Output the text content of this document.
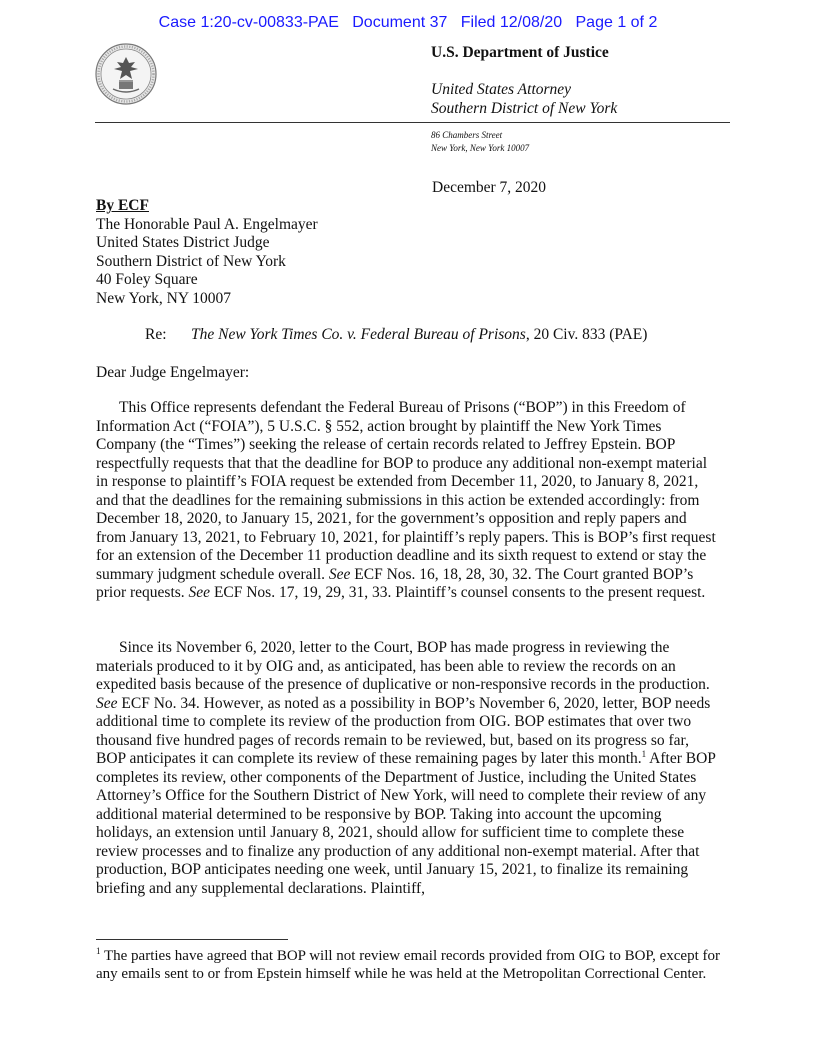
Case 1:20-cv-00833-PAE Document 37 Filed 12/08/20 Page 1 of 2
U.S. Department of Justice
United States Attorney
Southern District of New York
86 Chambers Street
New York, New York 10007
December 7, 2020
By ECF
The Honorable Paul A. Engelmayer
United States District Judge
Southern District of New York
40 Foley Square
New York, NY 10007
Re: The New York Times Co. v. Federal Bureau of Prisons, 20 Civ. 833 (PAE)
Dear Judge Engelmayer:

This Office represents defendant the Federal Bureau of Prisons (“BOP”) in this Freedom of Information Act (“FOIA”), 5 U.S.C. § 552, action brought by plaintiff the New York Times Company (the “Times”) seeking the release of certain records related to Jeffrey Epstein. BOP respectfully requests that that the deadline for BOP to produce any additional non-exempt material in response to plaintiff’s FOIA request be extended from December 11, 2020, to January 8, 2021, and that the deadlines for the remaining submissions in this action be extended accordingly: from December 18, 2020, to January 15, 2021, for the government’s opposition and reply papers and from January 13, 2021, to February 10, 2021, for plaintiff’s reply papers. This is BOP’s first request for an extension of the December 11 production deadline and its sixth request to extend or stay the summary judgment schedule overall. See ECF Nos. 16, 18, 28, 30, 32. The Court granted BOP’s prior requests. See ECF Nos. 17, 19, 29, 31, 33. Plaintiff’s counsel consents to the present request.

Since its November 6, 2020, letter to the Court, BOP has made progress in reviewing the materials produced to it by OIG and, as anticipated, has been able to review the records on an expedited basis because of the presence of duplicative or non-responsive records in the production. See ECF No. 34. However, as noted as a possibility in BOP’s November 6, 2020, letter, BOP needs additional time to complete its review of the production from OIG. BOP estimates that over two thousand five hundred pages of records remain to be reviewed, but, based on its progress so far, BOP anticipates it can complete its review of these remaining pages by later this month.$^1$ After BOP completes its review, other components of the Department of Justice, including the United States Attorney’s Office for the Southern District of New York, will need to complete their review of any additional material determined to be responsive by BOP. Taking into account the upcoming holidays, an extension until January 8, 2021, should allow for sufficient time to complete these review processes and to finalize any production of any additional non-exempt material. After that production, BOP anticipates needing one week, until January 15, 2021, to finalize its remaining briefing and any supplemental declarations. Plaintiff,

$^1$ The parties have agreed that BOP will not review email records provided from OIG to BOP, except for any emails sent to or from Epstein himself while he was held at the Metropolitan Correctional Center.
